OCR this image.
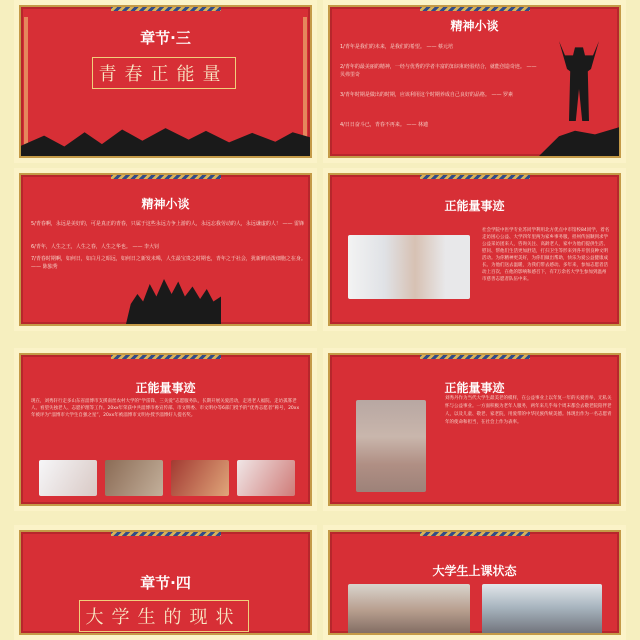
章节·三
青春正能量
精神小谈
1/青年是我们的未来，是我们的希望。 —— 蔡元培
2/青年的最美丽的精神，一经与优秀的学者丰富的知识和经验结合，就能创造奇迹。 —— 贝弗里奇
3/青年时期是做出的时期，应该利用这个时期养成自己良好的品格。 —— 罗素
4/日日奋斗已，青春不再来。 —— 林逋
精神小谈
5/青春啊，永远是美好的，可是真正的青春，只属于这些永远力争上游的人，永远忘我劳动的人，永远谦虚的人！ —— 雷锋
6/青年，人生之王，人生之春，人生之华也。 —— 李大钊
7/青春时期啊，如何日，如白月之昭远，如何日之新发未晞，人生最宝贵之时期也，青年之于社会，犹新鲜活泼细胞之在身。 —— 陈独秀
正能量事迹
社会学院中医学专业苏同学利用北方优点中市馆校84同学，着名走访困心公益、大学四年里两为家乡事务服，担州传国顺到求学公益采访团来人，咨询关注、高龄老人，家中为他们提供生活、慰问、帮他们生活更加舒适，打扫卫生等形来到各开创良种文明活动。为你精神更美好，为你们做出帮助，快乐为爱公益健康成长。为他们送去温暖，为我们带去感动。多年来，参加志愿者活动上百次，在他的影响和感召下，有7万余名大学生参加到温州市慈善志愿者队伍中来。
正能量事迹
现在，刘秀轩行走多山东省淄博市支援南丝农村大学的“学雷锋、三关爱”志愿服务队，长期开展关爱活动，走进老人福院、走访孤寡老人、看望失独老人、志愿护理等工作。20xx年荣获中共淄博市委宣传部、市文明委、市文明办等6部门授予的“优秀志愿者”称号，20xx年被评为“淄博市大学生自强之星”，20xx年被淄博市文明办授予淄博好人提名奖。
正能量事迹
刘秀丹作为当代大学生最美老的模样，在公益事业上以年复一年的关爱善举，无私关怀与公益事业。一方面积极为老年人服务，两年来几乎每个周末都会去敬老院陪伴老人，以及儿童、敬老、家老院，用爱带的中华民族传统美德。体现出作为一名志愿青年的使命和担当，在社会上作为表率。
章节·四
大学生的现状
大学生上课状态
